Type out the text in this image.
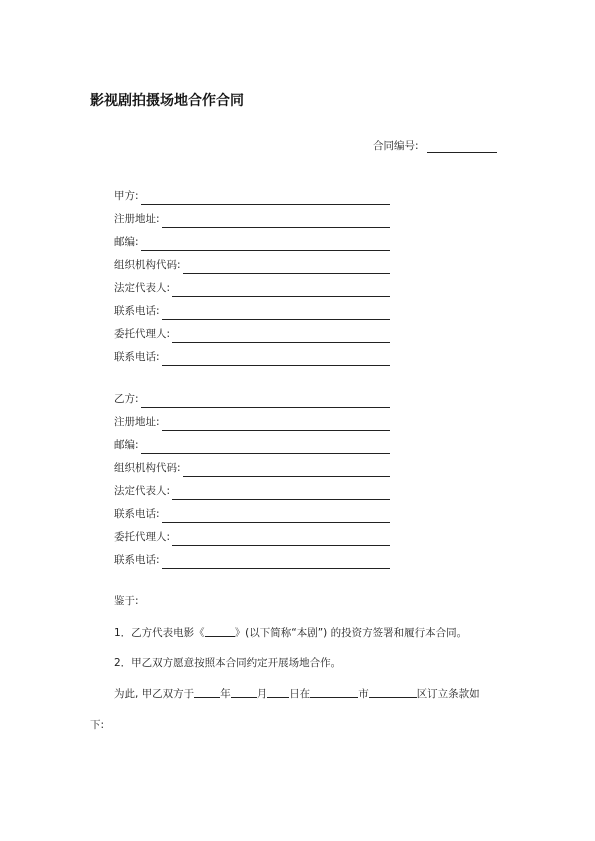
影视剧拍摄场地合作合同
合同编号:
甲方:
注册地址:
邮编:
组织机构代码:
法定代表人:
联系电话:
委托代理人:
联系电话:
乙方:
注册地址:
邮编:
组织机构代码:
法定代表人:
联系电话:
委托代理人:
联系电话:
鉴于:
1．乙方代表电影《	》(以下简称“本剧”) 的投资方签署和履行本合同。
2．甲乙双方愿意按照本合同约定开展场地合作。
为此, 甲乙双方于 年 月 日在	市	区订立条款如
下:
